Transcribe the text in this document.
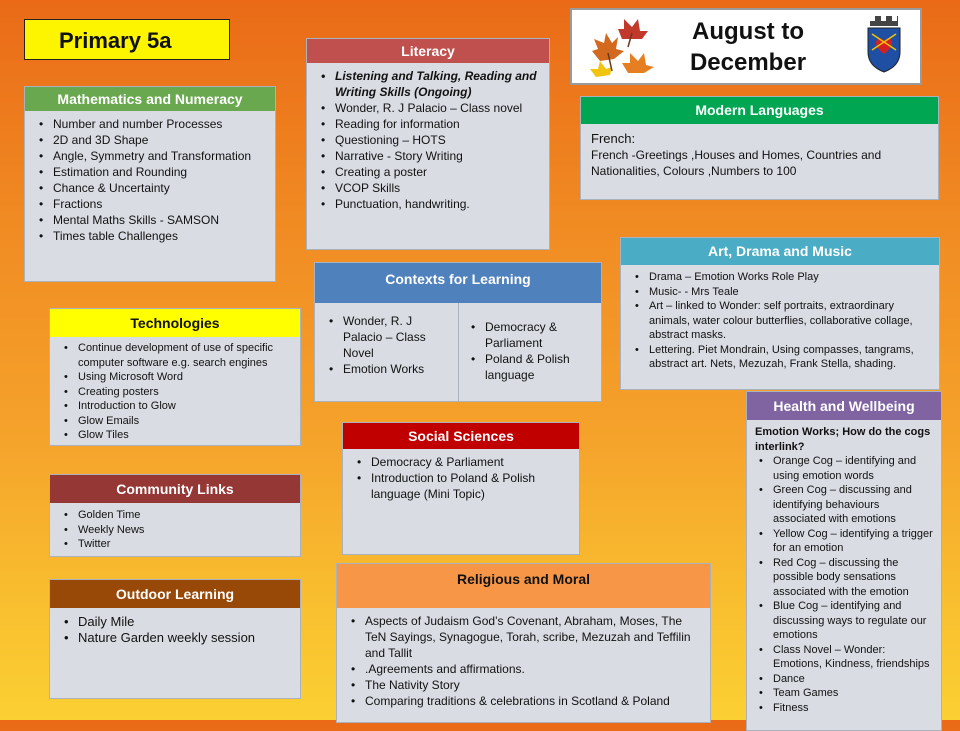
Primary 5a	August to
December
Mathematics and Numeracy
• Number and number Processes
• 2D and 3D Shape
• Angle, Symmetry and Transformation
• Estimation and Rounding
• Chance & Uncertainty
• Fractions
• Mental Maths Skills - SAMSON
• Times table Challenges
Literacy
• Listening and Talking, Reading and Writing Skills (Ongoing)
• Wonder, R. J Palacio – Class novel
• Reading for information
• Questioning – HOTS
• Narrative - Story Writing
• Creating a poster
• VCOP Skills
• Punctuation, handwriting.
Modern Languages
French:
French -Greetings ,Houses and Homes, Countries and Nationalities, Colours ,Numbers to 100
Contexts for Learning
• Wonder, R. J Palacio – Class Novel
• Emotion Works
• Democracy & Parliament
• Poland & Polish language
Art, Drama and Music
• Drama – Emotion Works Role Play
• Music- - Mrs Teale
• Art – linked to Wonder: self portraits, extraordinary animals, water colour butterflies, collaborative collage, abstract masks.
• Lettering. Piet Mondrain, Using compasses, tangrams, abstract art. Nets, Mezuzah, Frank Stella, shading.
Technologies
• Continue development of use of specific computer software e.g. search engines
• Using Microsoft Word
• Creating posters
• Introduction to Glow
• Glow Emails
• Glow Tiles	Social Sciences
• Democracy & Parliament
• Introduction to Poland & Polish language (Mini Topic)
Health and Wellbeing
Emotion Works; How do the cogs interlink?
• Orange Cog – identifying and using emotion words
• Green Cog – discussing and identifying behaviours associated with emotions
• Yellow Cog – identifying a trigger for an emotion
• Red Cog – discussing the possible body sensations associated with the emotion
• Blue Cog – identifying and discussing ways to regulate our emotions
• Class Novel – Wonder: Emotions, Kindness, friendships
• Dance
• Team Games
• Fitness
Community Links
• Golden Time
• Weekly News
• Twitter
Outdoor Learning
• Daily Mile
• Nature Garden weekly session
Religious and Moral
• Aspects of Judaism God’s Covenant, Abraham, Moses, The TeN Sayings, Synagogue, Torah, scribe, Mezuzah and Teffilin and Tallit
• .Agreements and affirmations.
• The Nativity Story
• Comparing traditions & celebrations in Scotland & Poland
